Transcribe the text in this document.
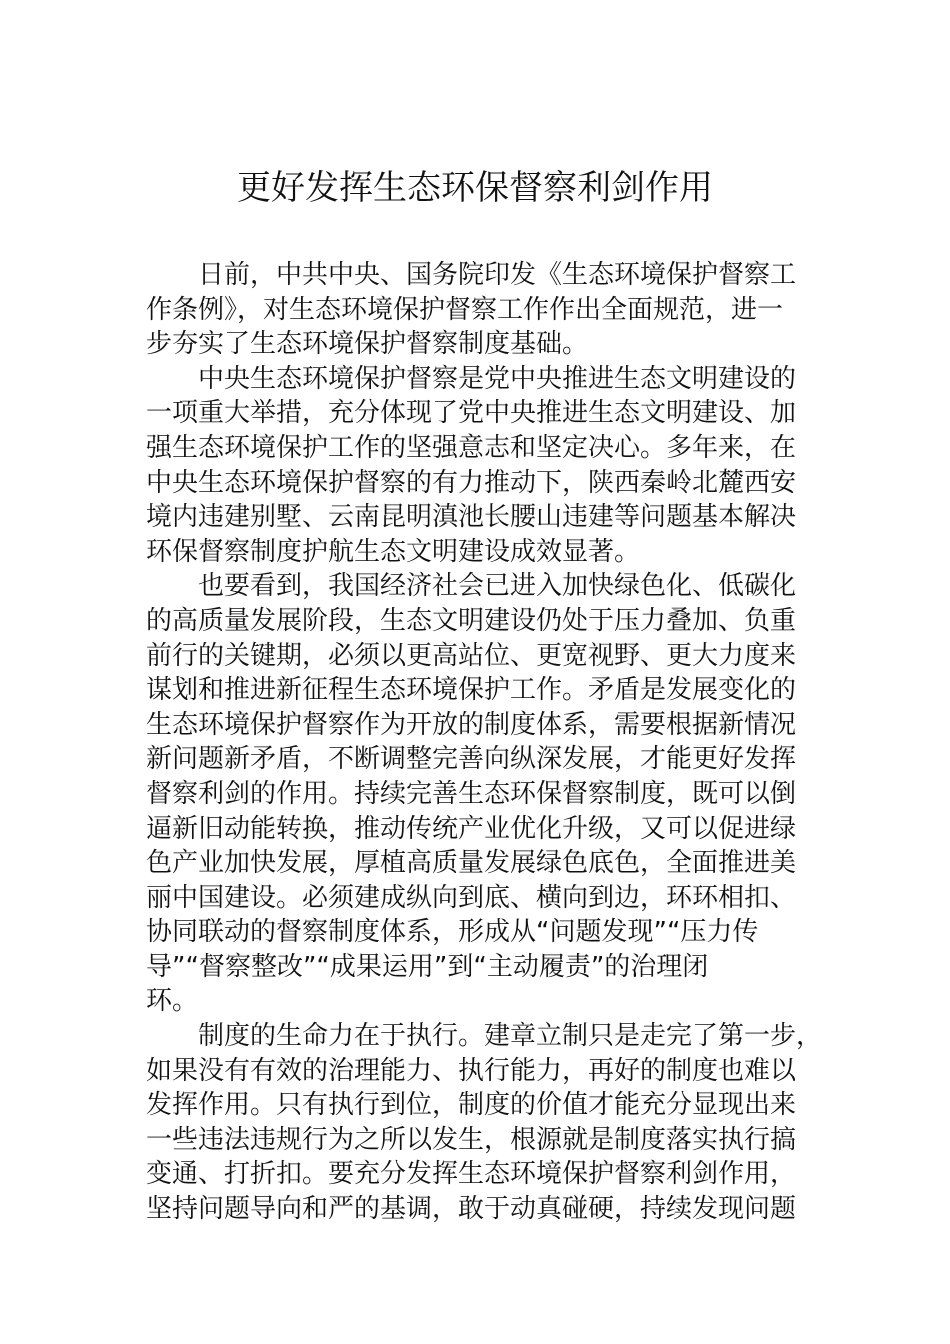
更好发挥生态环保督察利剑作用

日前，中共中央、国务院印发《生态环境保护督察工
作条例》，对生态环境保护督察工作作出全面规范，进一
步夯实了生态环境保护督察制度基础。

中央生态环境保护督察是党中央推进生态文明建设的
一项重大举措，充分体现了党中央推进生态文明建设、加
强生态环境保护工作的坚强意志和坚定决心。多年来，在
中央生态环境保护督察的有力推动下，陕西秦岭北麓西安
境内违建别墅、云南昆明滇池长腰山违建等问题基本解决
环保督察制度护航生态文明建设成效显著。

也要看到，我国经济社会已进入加快绿色化、低碳化
的高质量发展阶段，生态文明建设仍处于压力叠加、负重
前行的关键期，必须以更高站位、更宽视野、更大力度来
谋划和推进新征程生态环境保护工作。矛盾是发展变化的
生态环境保护督察作为开放的制度体系，需要根据新情况
新问题新矛盾，不断调整完善向纵深发展，才能更好发挥
督察利剑的作用。持续完善生态环保督察制度，既可以倒
逼新旧动能转换，推动传统产业优化升级，又可以促进绿
色产业加快发展，厚植高质量发展绿色底色，全面推进美
丽中国建设。必须建成纵向到底、横向到边，环环相扣、
协同联动的督察制度体系，形成从“问题发现”“压力传
导”“督察整改”“成果运用”到“主动履责”的治理闭
环。

制度的生命力在于执行。建章立制只是走完了第一步，
如果没有有效的治理能力、执行能力，再好的制度也难以
发挥作用。只有执行到位，制度的价值才能充分显现出来
一些违法违规行为之所以发生，根源就是制度落实执行搞
变通、打折扣。要充分发挥生态环境保护督察利剑作用，
坚持问题导向和严的基调，敢于动真碰硬，持续发现问题
